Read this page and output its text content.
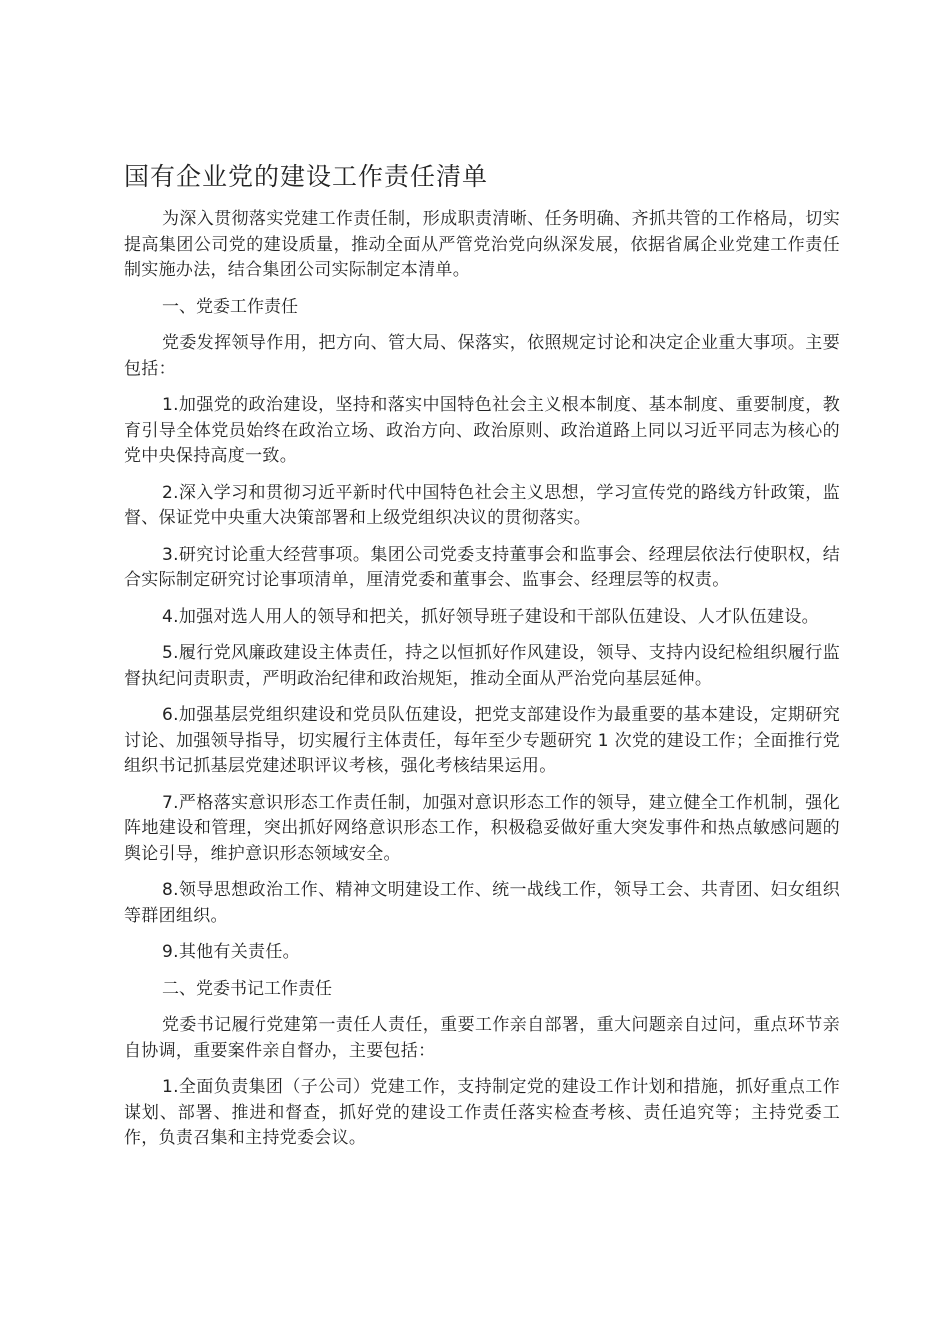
国有企业党的建设工作责任清单

为深入贯彻落实党建工作责任制，形成职责清晰、任务明确、齐抓共管的工作格局，切实提高集团公司党的建设质量，推动全面从严管党治党向纵深发展，依据省属企业党建工作责任制实施办法，结合集团公司实际制定本清单。

一、党委工作责任

党委发挥领导作用，把方向、管大局、保落实，依照规定讨论和决定企业重大事项。主要包括：

1.加强党的政治建设，坚持和落实中国特色社会主义根本制度、基本制度、重要制度，教育引导全体党员始终在政治立场、政治方向、政治原则、政治道路上同以习近平同志为核心的党中央保持高度一致。

2.深入学习和贯彻习近平新时代中国特色社会主义思想，学习宣传党的路线方针政策，监督、保证党中央重大决策部署和上级党组织决议的贯彻落实。

3.研究讨论重大经营事项。集团公司党委支持董事会和监事会、经理层依法行使职权，结合实际制定研究讨论事项清单，厘清党委和董事会、监事会、经理层等的权责。

4.加强对选人用人的领导和把关，抓好领导班子建设和干部队伍建设、人才队伍建设。

5.履行党风廉政建设主体责任，持之以恒抓好作风建设，领导、支持内设纪检组织履行监督执纪问责职责，严明政治纪律和政治规矩，推动全面从严治党向基层延伸。

6.加强基层党组织建设和党员队伍建设，把党支部建设作为最重要的基本建设，定期研究讨论、加强领导指导，切实履行主体责任，每年至少专题研究 1 次党的建设工作；全面推行党组织书记抓基层党建述职评议考核，强化考核结果运用。

7.严格落实意识形态工作责任制，加强对意识形态工作的领导，建立健全工作机制，强化阵地建设和管理，突出抓好网络意识形态工作，积极稳妥做好重大突发事件和热点敏感问题的舆论引导，维护意识形态领域安全。

8.领导思想政治工作、精神文明建设工作、统一战线工作，领导工会、共青团、妇女组织等群团组织。

9.其他有关责任。

二、党委书记工作责任

党委书记履行党建第一责任人责任，重要工作亲自部署，重大问题亲自过问，重点环节亲自协调，重要案件亲自督办，主要包括：

1.全面负责集团（子公司）党建工作，支持制定党的建设工作计划和措施，抓好重点工作谋划、部署、推进和督查，抓好党的建设工作责任落实检查考核、责任追究等；主持党委工作，负责召集和主持党委会议。
